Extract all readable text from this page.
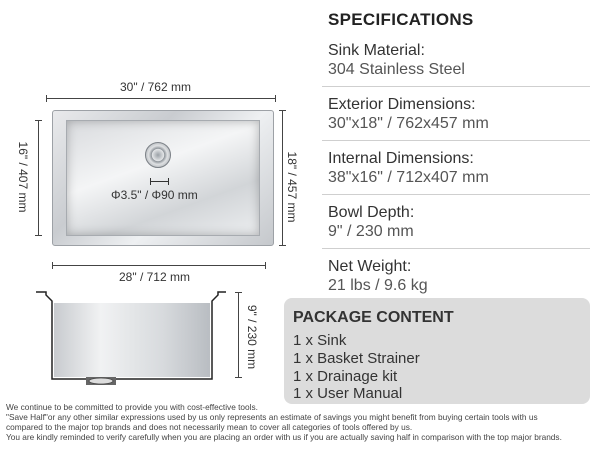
30" / 762 mm
16" / 407 mm	18" / 457 mm
Φ3.5" / Φ90 mm
28" / 712 mm
9" / 230 mm
SPECIFICATIONS
Sink Material:
304 Stainless Steel
Exterior Dimensions:
30"x18" / 762x457 mm
Internal Dimensions:
38"x16" / 712x407 mm
Bowl Depth:
9" / 230 mm
Net Weight:
21 lbs / 9.6 kg
PACKAGE CONTENT
1 x Sink
1 x Basket Strainer
1 x Drainage kit
1 x User Manual
We continue to be committed to provide you with cost-effective tools.
"Save Half"or any other similar expressions used by us only represents an estimate of savings you might benefit from buying certain tools with us
compared to the major top brands and does not necessarily mean to cover all categories of tools offered by us.
You are kindly reminded to verify carefully when you are placing an order with us if you are actually saving half in comparison with the top major brands.
